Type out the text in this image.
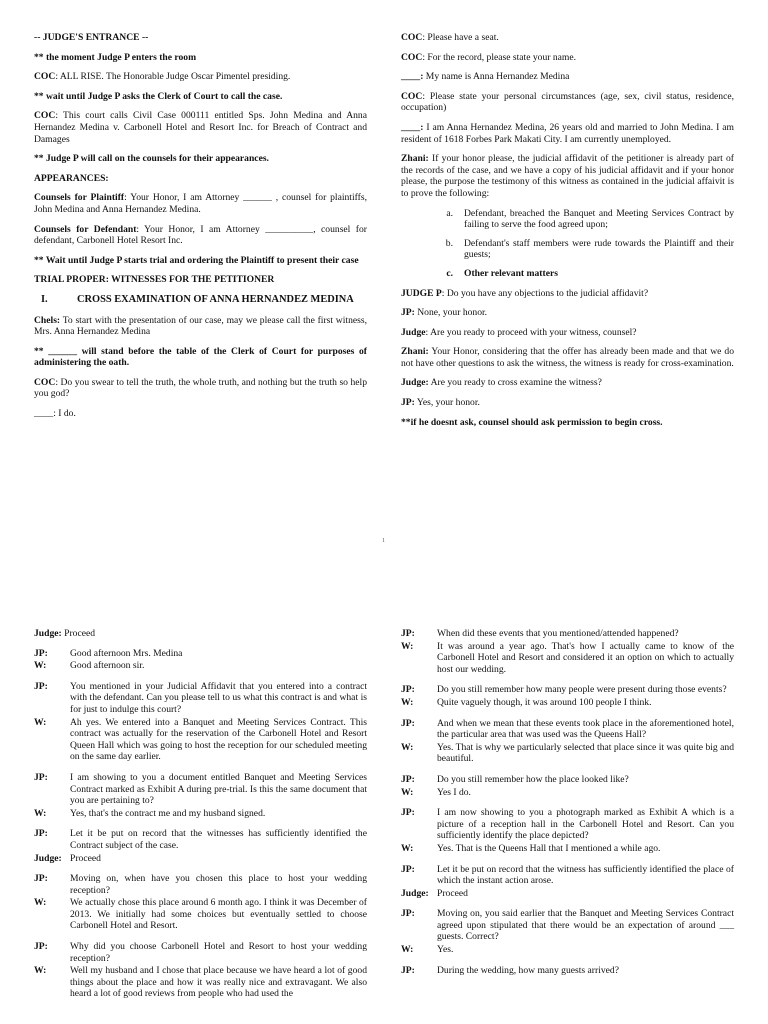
-- JUDGE'S ENTRANCE --

** the moment Judge P enters the room

COC: ALL RISE. The Honorable Judge Oscar Pimentel presiding.

** wait until Judge P asks the Clerk of Court to call the case.

COC: This court calls Civil Case 000111 entitled Sps. John Medina and Anna Hernandez Medina v. Carbonell Hotel and Resort Inc. for Breach of Contract and Damages

** Judge P will call on the counsels for their appearances.

APPEARANCES:

Counsels for Plaintiff: Your Honor, I am Attorney ______ , counsel for plaintiffs, John Medina and Anna Hernandez Medina.

Counsels for Defendant: Your Honor, I am Attorney __________, counsel for defendant, Carbonell Hotel Resort Inc.

** Wait until Judge P starts trial and ordering the Plaintiff to present their case

TRIAL PROPER: WITNESSES FOR THE PETITIONER

I.	CROSS EXAMINATION OF ANNA HERNANDEZ MEDINA

Chels: To start with the presentation of our case, may we please call the first witness, Mrs. Anna Hernandez Medina

** ______ will stand before the table of the Clerk of Court for purposes of administering the oath.

COC: Do you swear to tell the truth, the whole truth, and nothing but the truth so help you god?

____: I do.

COC: Please have a seat.

COC: For the record, please state your name.

____: My name is Anna Hernandez Medina

COC: Please state your personal circumstances (age, sex, civil status, residence, occupation)

____: I am Anna Hernandez Medina, 26 years old and married to John Medina. I am resident of 1618 Forbes Park Makati City. I am currently unemployed.

Zhani: If your honor please, the judicial affidavit of the petitioner is already part of the records of the case, and we have a copy of his judicial affidavit and if your honor please, the purpose the testimony of this witness as contained in the judicial affaivit is to prove the following:

a.	Defendant, breached the Banquet and Meeting Services Contract by failing to serve the food agreed upon;
b.	Defendant's staff members were rude towards the Plaintiff and their guests;
c.	Other relevant matters

JUDGE P: Do you have any objections to the judicial affidavit?

JP: None, your honor.

Judge: Are you ready to proceed with your witness, counsel?

Zhani: Your Honor, considering that the offer has already been made and that we do not have other questions to ask the witness, the witness is ready for cross-examination.

Judge: Are you ready to cross examine the witness?

JP: Yes, your honor.

**if he doesnt ask, counsel should ask permission to begin cross.

1

Judge: Proceed

JP:	Good afternoon Mrs. Medina
W:	Good afternoon sir.
JP:	You mentioned in your Judicial Affidavit that you entered into a contract with the defendant. Can you please tell to us what this contract is and what is for just to indulge this court?
W:	Ah yes. We entered into a Banquet and Meeting Services Contract. This contract was actually for the reservation of the Carbonell Hotel and Resort Queen Hall which was going to host the reception for our scheduled meeting on the same day earlier.
JP:	I am showing to you a document entitled Banquet and Meeting Services Contract marked as Exhibit A during pre-trial. Is this the same document that you are pertaining to?
W:	Yes, that's the contract me and my husband signed.
JP:	Let it be put on record that the witnesses has sufficiently identified the Contract subject of the case.
Judge: Proceed
JP:	Moving on, when have you chosen this place to host your wedding reception?
W:	We actually chose this place around 6 month ago. I think it was December of 2013. We initially had some choices but eventually settled to choose Carbonell Hotel and Resort.
JP:	Why did you choose Carbonell Hotel and Resort to host your wedding reception?
W:	Well my husband and I chose that place because we have heard a lot of good things about the place and how it was really nice and extravagant. We also heard a lot of good reviews from people who had used the
JP:	When did these events that you mentioned/attended happened?
W:	It was around a year ago. That's how I actually came to know of the Carbonell Hotel and Resort and considered it an option on which to actually host our wedding.
JP:	Do you still remember how many people were present during those events?
W:	Quite vaguely though, it was around 100 people I think.
JP:	And when we mean that these events took place in the aforementioned hotel, the particular area that was used was the Queens Hall?
W:	Yes. That is why we particularly selected that place since it was quite big and beautiful.
JP:	Do you still remember how the place looked like?
W:	Yes I do.
JP:	I am now showing to you a photograph marked as Exhibit A which is a picture of a reception hall in the Carbonell Hotel and Resort. Can you sufficiently identify the place depicted?
W:	Yes. That is the Queens Hall that I mentioned a while ago.
JP:	Let it be put on record that the witness has sufficiently identified the place of which the instant action arose.
Judge: Proceed
JP:	Moving on, you said earlier that the Banquet and Meeting Services Contract agreed upon stipulated that there would be an expectation of around ___ guests. Correct?
W:	Yes.
JP:	During the wedding, how many guests arrived?
